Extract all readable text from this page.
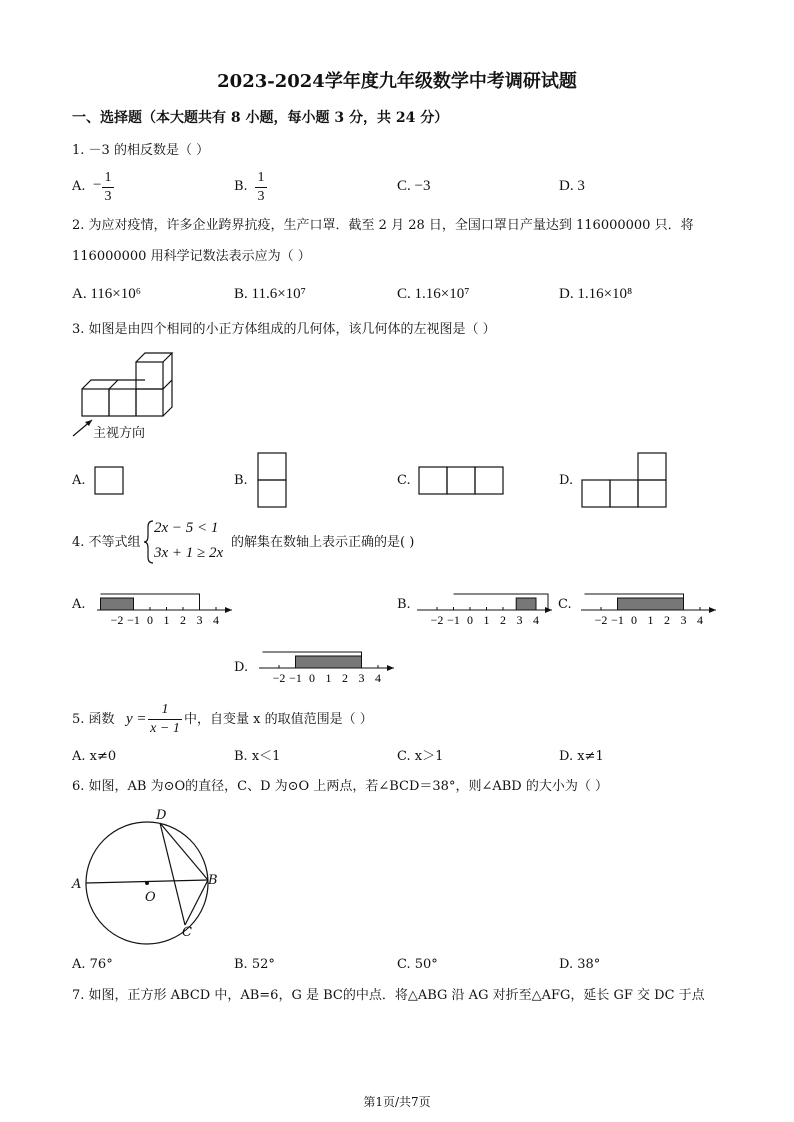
2023-2024学年度九年级数学中考调研试题
一、选择题（本大题共有 8 小题，每小题 3 分，共 24 分）
1. －3 的相反数是（ ）
A. − 1
3
B.
1
3
C. −3	D. 3
2. 为应对疫情，许多企业跨界抗疫，生产口罩．截至 2 月 28 日，全国口罩日产量达到 116000000 只．将
116000000 用科学记数法表示应为（ ）
A. 116×10⁶	B. 11.6×10⁷	C. 1.16×10⁷	D. 1.16×10⁸
3. 如图是由四个相同的小正方体组成的几何体，该几何体的左视图是（ ）
主视方向
A.	B.	C.	D.
4. 不等式组
2x − 5 < 1
3x + 1 ≥ 2x
的解集在数轴上表示正确的是( )
A.	B.	C.
D.
−2 −1 0 1 2 3 4	−2 −1 0 1 2 3 4	−2 −1 0 1 2 3 4
−2 −1 0 1 2 3 4
5. 函数 y =
1
x − 1
中，自变量 x 的取值范围是（ ）
A. x≠0	B. x＜1	C. x＞1	D. x≠1
6. 如图，AB 为⊙O的直径，C、D 为⊙O 上两点，若∠BCD＝38°，则∠ABD 的大小为（ ）
D
A	B
O
C
A. 76°	B. 52°	C. 50°	D. 38°
7. 如图，正方形 ABCD 中，AB=6，G 是 BC的中点．将△ABG 沿 AG 对折至△AFG，延长 GF 交 DC 于点
第1页/共7页
